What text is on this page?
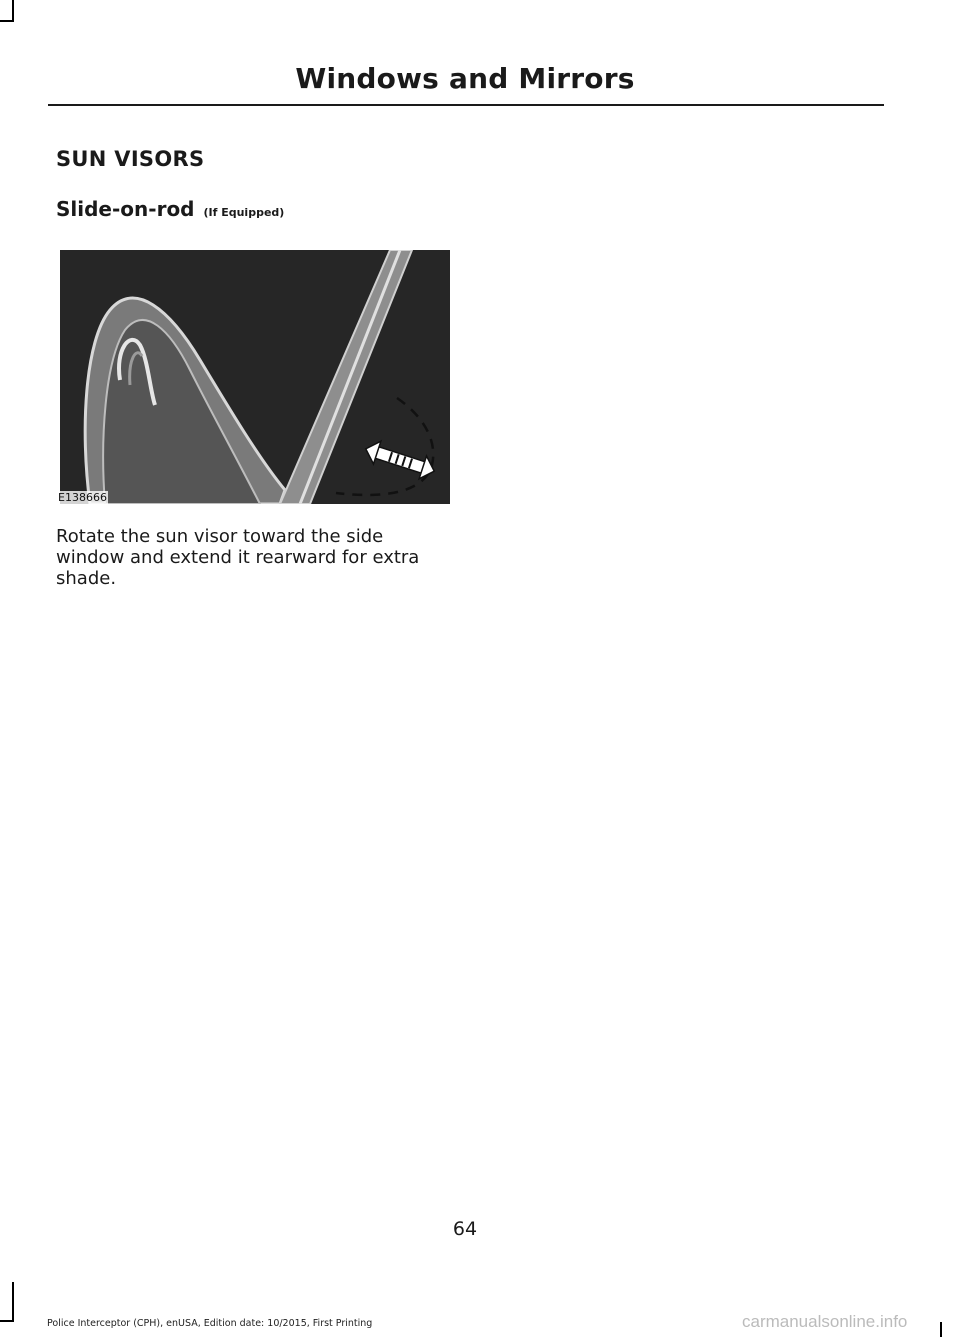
Windows and Mirrors
SUN VISORS
Slide-on-rod (If Equipped)
E138666

Rotate the sun visor toward the side window and extend it rearward for extra shade.

64
Police Interceptor (CPH), enUSA, Edition date: 10/2015, First Printing	carmanualsonline.info
